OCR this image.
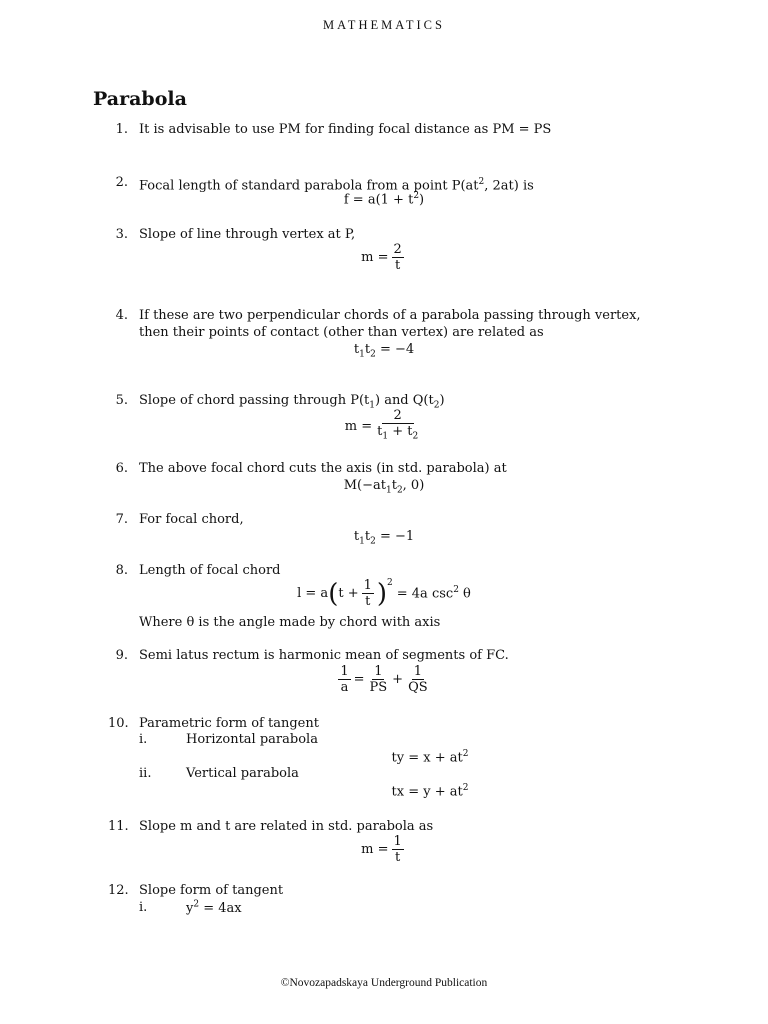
MATHEMATICS
Parabola
1. It is advisable to use PM for finding focal distance as PM = PS
2. Focal length of standard parabola from a point $P(at^2$, 2at) is
$f = a(1 + t^2)$
3. Slope of line through vertex at P,
$m = \frac{2}{t}$
4. If these are two perpendicular chords of a parabola passing through vertex, then their points of contact (other than vertex) are related as
$t_1t_2 = -4$
5. Slope of chord passing through $P(t_1)$ and $Q(t_2)$
$m = \frac{2}{t_1 + t_2}$
6. The above focal chord cuts the axis (in std. parabola) at
$M(-at_1t_2$, 0)
7. For focal chord,
$t_1t_2 = -1$
8. Length of focal chord
l = a ( $t + \frac{1}{t} )^2$
= 4a $\csc^2 \theta$
Where θ is the angle made by chord with axis
9. Semi latus rectum is harmonic mean of segments of FC.
$\frac{1}{a} = \frac{1}{PS} + \frac{1}{QS}$
10. Parametric form of tangent
i.	Horizontal parabola
ty = $x + at^2$
ii.	Vertical parabola
tx = $y + at^2$
11. Slope m and t are related in std. parabola as
$m = \frac{1}{t}$
12. Slope form of tangent
i.	$y^2 = 4ax$
©Novozapadskaya Underground Publication
